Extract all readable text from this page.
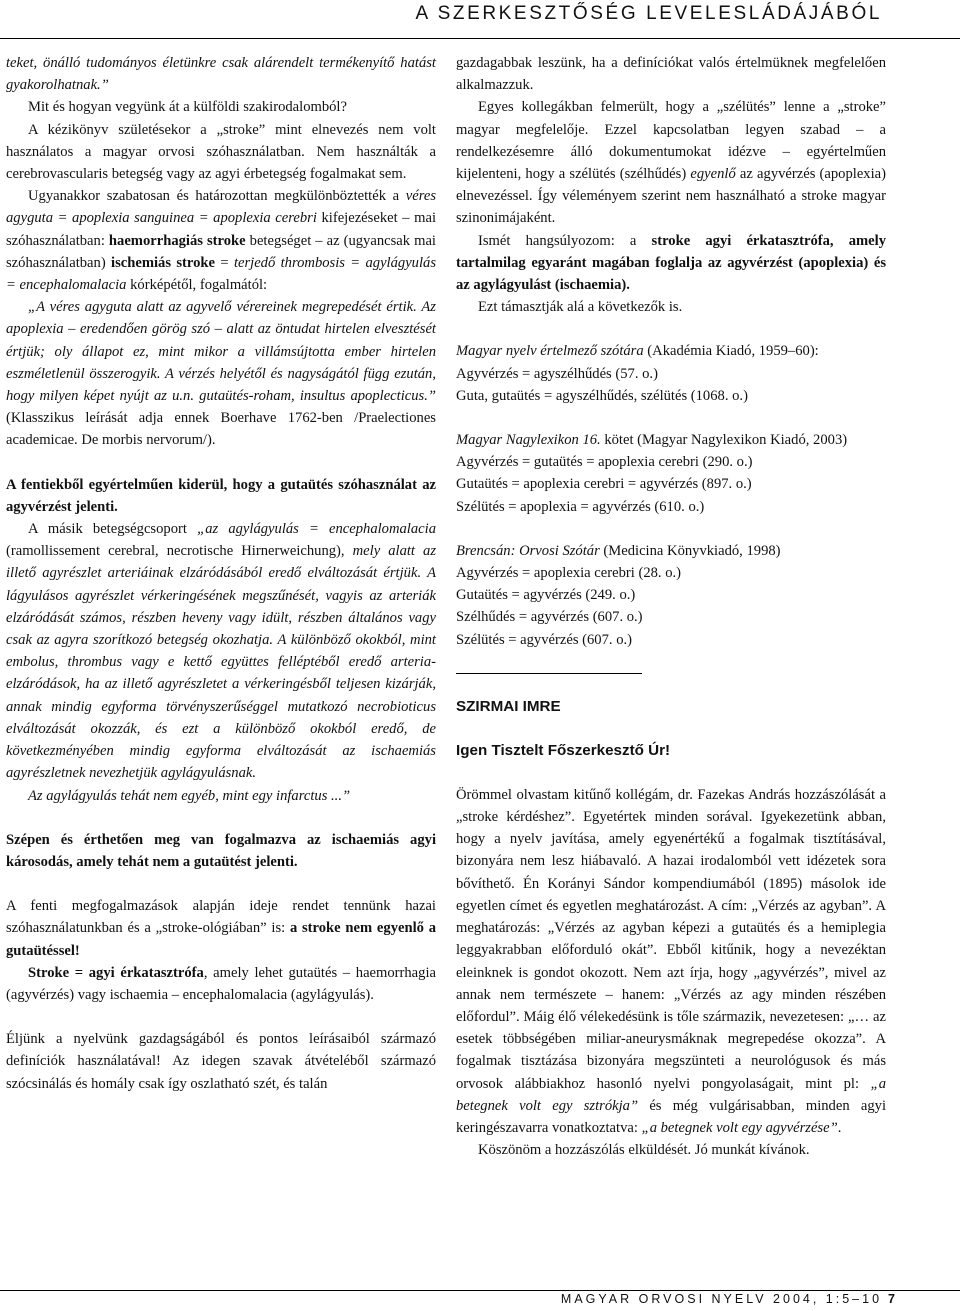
A SZERKESZTŐSÉG LEVELESLÁDÁJÁBÓL

teket, önálló tudományos életünkre csak alárendelt termékenyítő hatást gyakorolhatnak.”

Mit és hogyan vegyünk át a külföldi szakirodalomból?

A kézikönyv születésekor a „stroke” mint elnevezés nem volt használatos a magyar orvosi szóhasználatban. Nem használták a cerebrovascularis betegség vagy az agyi érbetegség fogalmakat sem.

Ugyanakkor szabatosan és határozottan megkülönböztették a véres agyguta = apoplexia sanguinea = apoplexia cerebri kifejezéseket – mai szóhasználatban: haemorrhagiás stroke betegséget – az (ugyancsak mai szóhasználatban) ischemiás stroke = terjedő thrombosis = agylágyulás = encephalomalacia kórképétől, fogalmától:

„A véres agyguta alatt az agyvelő vérereinek megrepedését értik. Az apoplexia – eredendően görög szó – alatt az öntudat hirtelen elvesztését értjük; oly állapot ez, mint mikor a villámsújtotta ember hirtelen eszméletlenül összerogyik. A vérzés helyétől és nagyságától függ ezután, hogy milyen képet nyújt az u.n. gutaütés-roham, insultus apoplecticus.” (Klasszikus leírását adja ennek Boerhave 1762-ben /Praelectiones academicae. De morbis nervorum/).

A fentiekből egyértelműen kiderül, hogy a gutaütés szóhasználat az agyvérzést jelenti.

A másik betegségcsoport „az agylágyulás = encephalomalacia (ramollissement cerebral, necrotische Hirnerweichung), mely alatt az illető agyrészlet arteriáinak elzáródásából eredő elváltozását értjük. A lágyulásos agyrészlet vérkeringésének megszűnését, vagyis az arteriák elzáródását számos, részben heveny vagy idült, részben általános vagy csak az agyra szorítkozó betegség okozhatja. A különböző okokból, mint embolus, thrombus vagy e kettő együttes felléptéből eredő arteria-elzáródások, ha az illető agyrészletet a vérkeringésből teljesen kizárják, annak mindig egyforma törvényszerűséggel mutatkozó necrobioticus elváltozását okozzák, és ezt a különböző okokból eredő, de következményében mindig egyforma elváltozását az ischaemiás agyrészletnek nevezhetjük agylágyulásnak.

Az agylágyulás tehát nem egyéb, mint egy infarctus ...”

Szépen és érthetően meg van fogalmazva az ischaemiás agyi károsodás, amely tehát nem a gutaütést jelenti.

A fenti megfogalmazások alapján ideje rendet tennünk hazai szóhasználatunkban és a „stroke-ológiában” is: a stroke nem egyenlő a gutaütéssel!

Stroke = agyi érkatasztrófa, amely lehet gutaütés – haemorrhagia (agyvérzés) vagy ischaemia – encephalomalacia (agylágyulás).

Éljünk a nyelvünk gazdagságából és pontos leírásaiból származó definíciók használatával! Az idegen szavak átvételéből származó szócsinálás és homály csak így oszlatható szét, és talán

gazdagabbak leszünk, ha a definíciókat valós értelmüknek megfelelően alkalmazzuk.

Egyes kollegákban felmerült, hogy a „szélütés” lenne a „stroke” magyar megfelelője. Ezzel kapcsolatban legyen szabad – a rendelkezésemre álló dokumentumokat idézve – egyértelműen kijelenteni, hogy a szélütés (szélhűdés) egyenlő az agyvérzés (apoplexia) elnevezéssel. Így véleményem szerint nem használható a stroke magyar szinonimájaként.

Ismét hangsúlyozom: a stroke agyi érkatasztrófa, amely tartalmilag egyaránt magában foglalja az agyvérzést (apoplexia) és az agylágyulást (ischaemia).

Ezt támasztják alá a következők is.

Magyar nyelv értelmező szótára (Akadémia Kiadó, 1959–60):

Agyvérzés = agyszélhűdés (57. o.)

Guta, gutaütés = agyszélhűdés, szélütés (1068. o.)

Magyar Nagylexikon 16. kötet (Magyar Nagylexikon Kiadó, 2003)

Agyvérzés = gutaütés = apoplexia cerebri (290. o.)

Gutaütés = apoplexia cerebri = agyvérzés (897. o.)

Szélütés = apoplexia = agyvérzés (610. o.)

Brencsán: Orvosi Szótár (Medicina Könyvkiadó, 1998)

Agyvérzés = apoplexia cerebri (28. o.)

Gutaütés = agyvérzés (249. o.)

Szélhűdés = agyvérzés (607. o.)

Szélütés = agyvérzés (607. o.)

SZIRMAI IMRE

Igen Tisztelt Főszerkesztő Úr!

Örömmel olvastam kitűnő kollégám, dr. Fazekas András hozzászólását a „stroke kérdéshez”. Egyetértek minden sorával. Igyekezetünk abban, hogy a nyelv javítása, amely egyenértékű a fogalmak tisztításával, bizonyára nem lesz hiábavaló. A hazai irodalomból vett idézetek sora bővíthető. Én Korányi Sándor kompendiumából (1895) másolok ide egyetlen címet és egyetlen meghatározást. A cím: „Vérzés az agyban”. A meghatározás: „Vérzés az agyban képezi a gutaütés és a hemiplegia leggyakrabban előforduló okát”. Ebből kitűnik, hogy a nevezéktan eleinknek is gondot okozott. Nem azt írja, hogy „agyvérzés”, mivel az annak nem természete – hanem: „Vérzés az agy minden részében előfordul”. Máig élő vélekedésünk is tőle származik, nevezetesen: „… az esetek többségében miliar-aneurysmáknak megrepedése okozza”. A fogalmak tisztázása bizonyára megszünteti a neurológusok és más orvosok alábbiakhoz hasonló nyelvi pongyolaságait, mint pl: „a betegnek volt egy sztrókja” és még vulgárisabban, minden agyi keringészavarra vonatkoztatva: „a betegnek volt egy agyvérzése”.

Köszönöm a hozzászólás elküldését. Jó munkát kívánok.

MAGYAR ORVOSI NYELV 2004, 1:5–10 7
